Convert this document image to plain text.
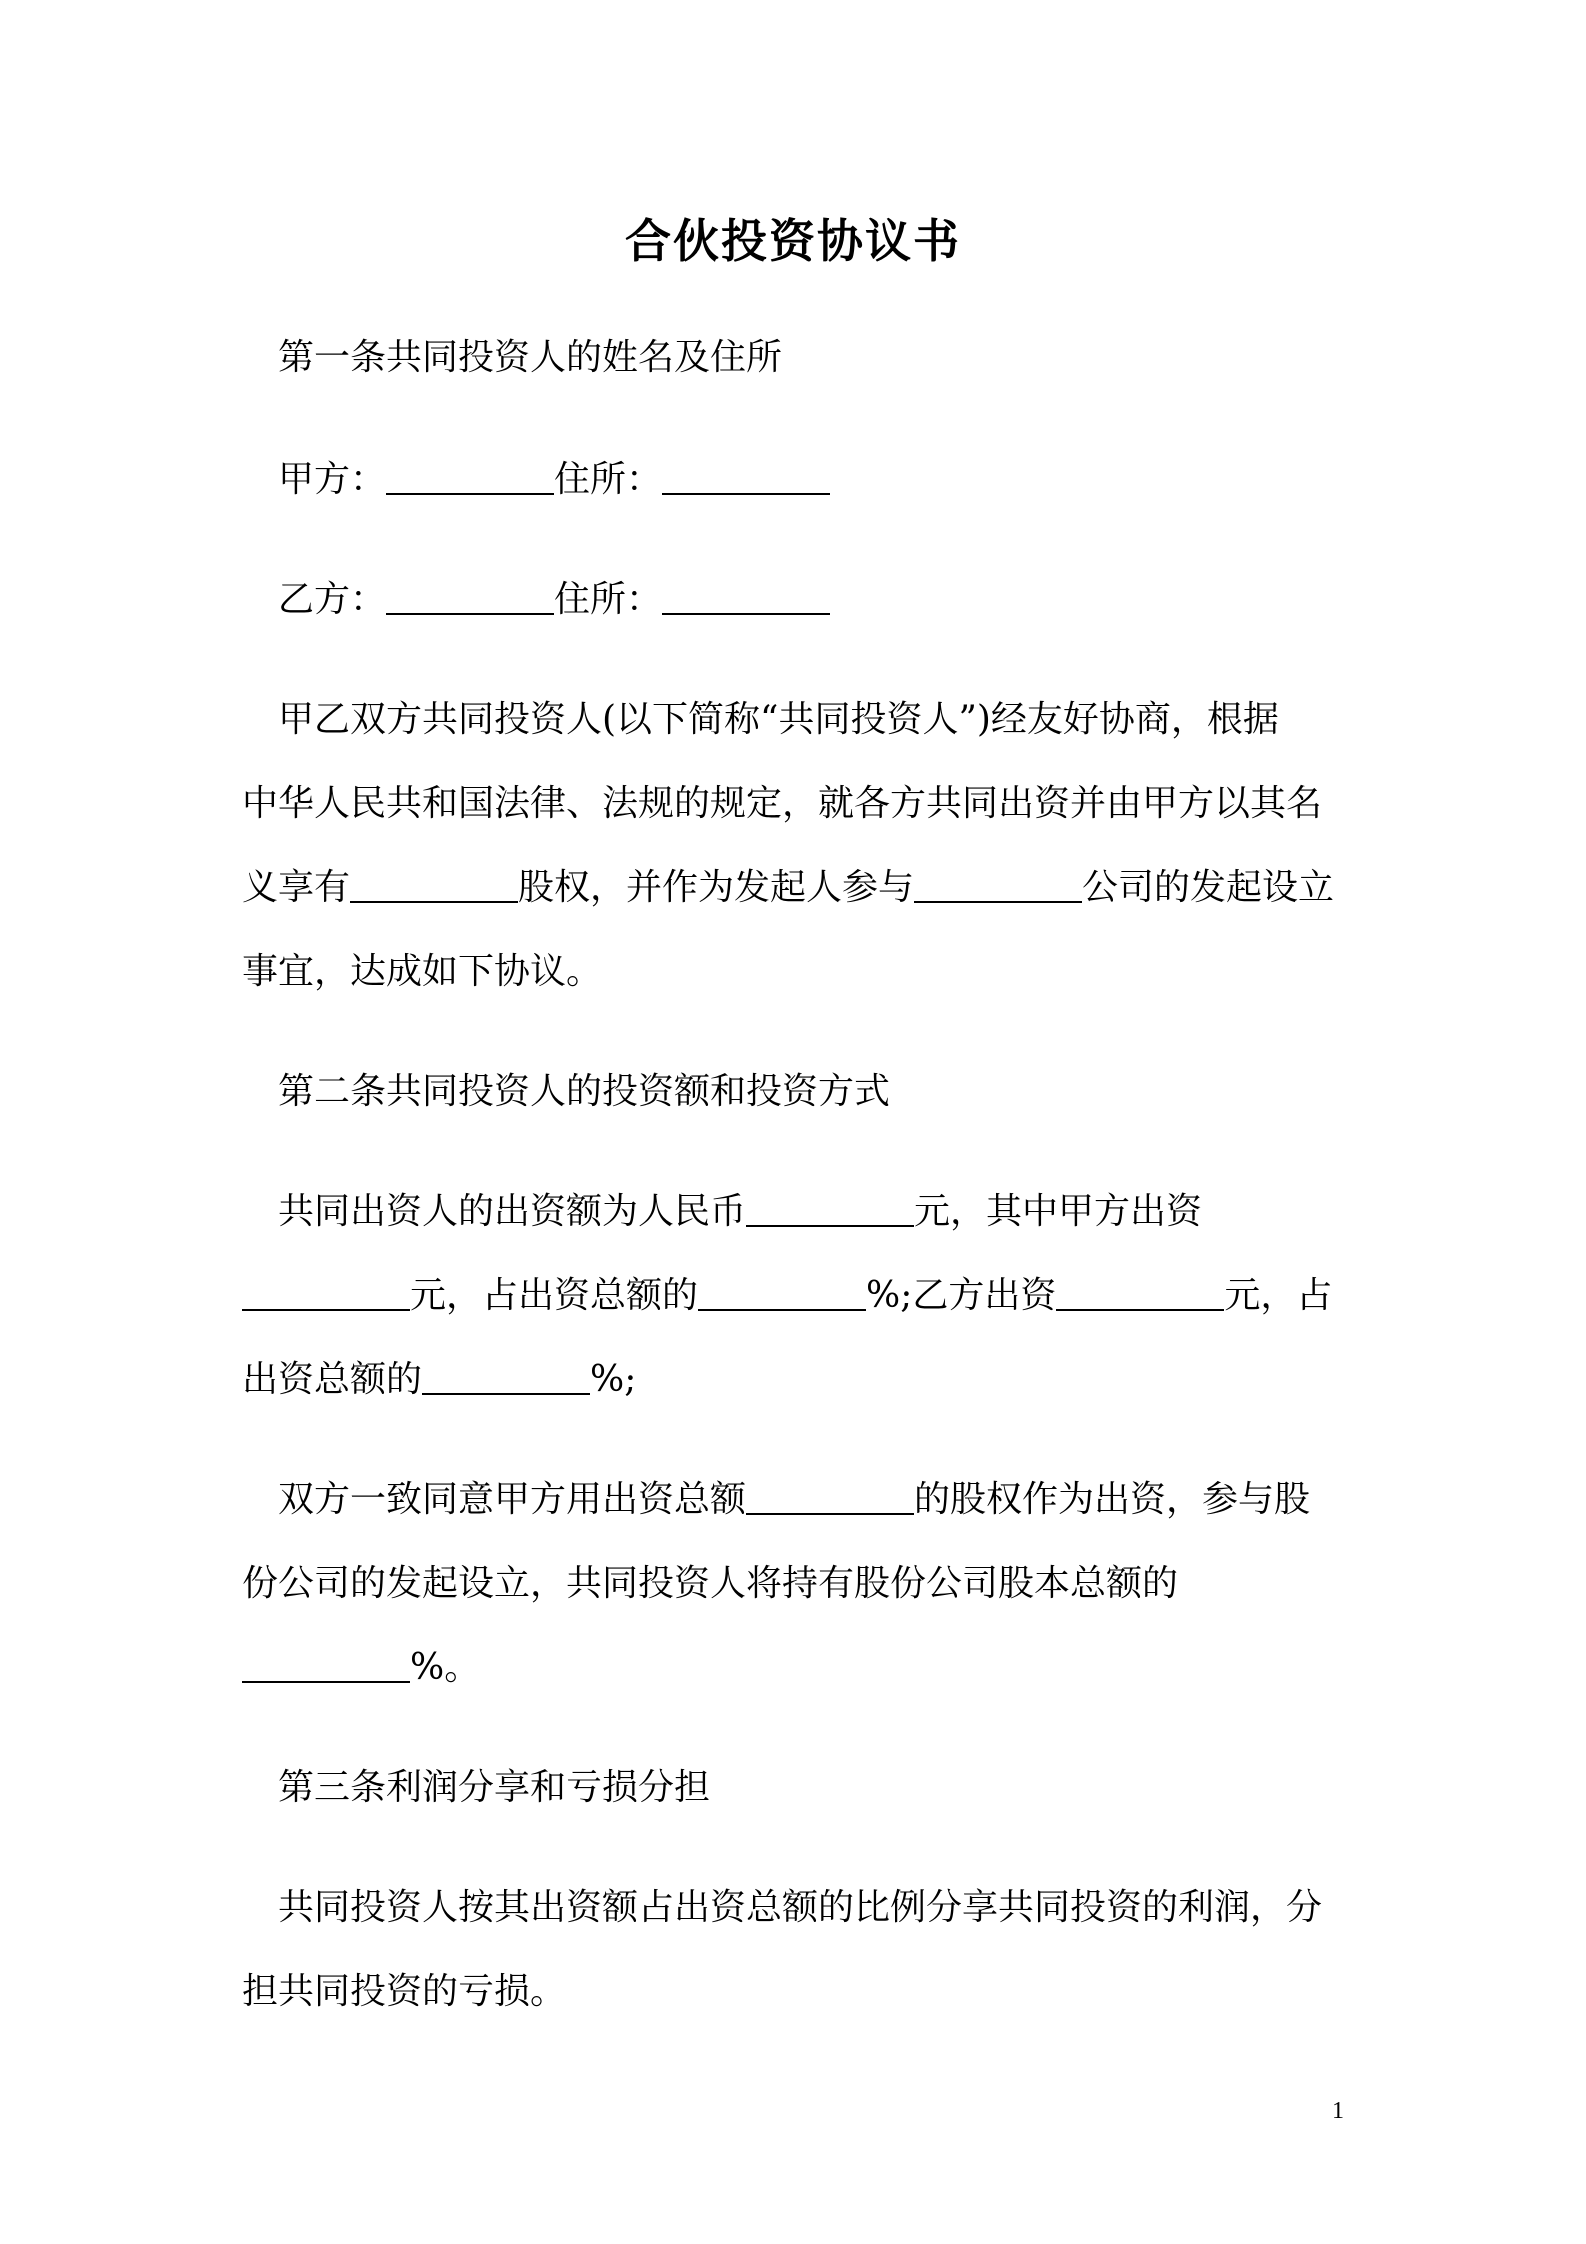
合伙投资协议书

第一条共同投资人的姓名及住所

甲方：	住所：

乙方：	住所：

甲乙双方共同投资人(以下简称“共同投资人”)经友好协商，根据

中华人民共和国法律、法规的规定，就各方共同出资并由甲方以其名

义享有	股权，并作为发起人参与	公司的发起设立

事宜，达成如下协议。

第二条共同投资人的投资额和投资方式

共同出资人的出资额为人民币	元，其中甲方出资

元，占出资总额的	%;乙方出资	元，占

出资总额的	%;

双方一致同意甲方用出资总额	的股权作为出资，参与股

份公司的发起设立，共同投资人将持有股份公司股本总额的

%。

第三条利润分享和亏损分担

共同投资人按其出资额占出资总额的比例分享共同投资的利润，分

担共同投资的亏损。

1
